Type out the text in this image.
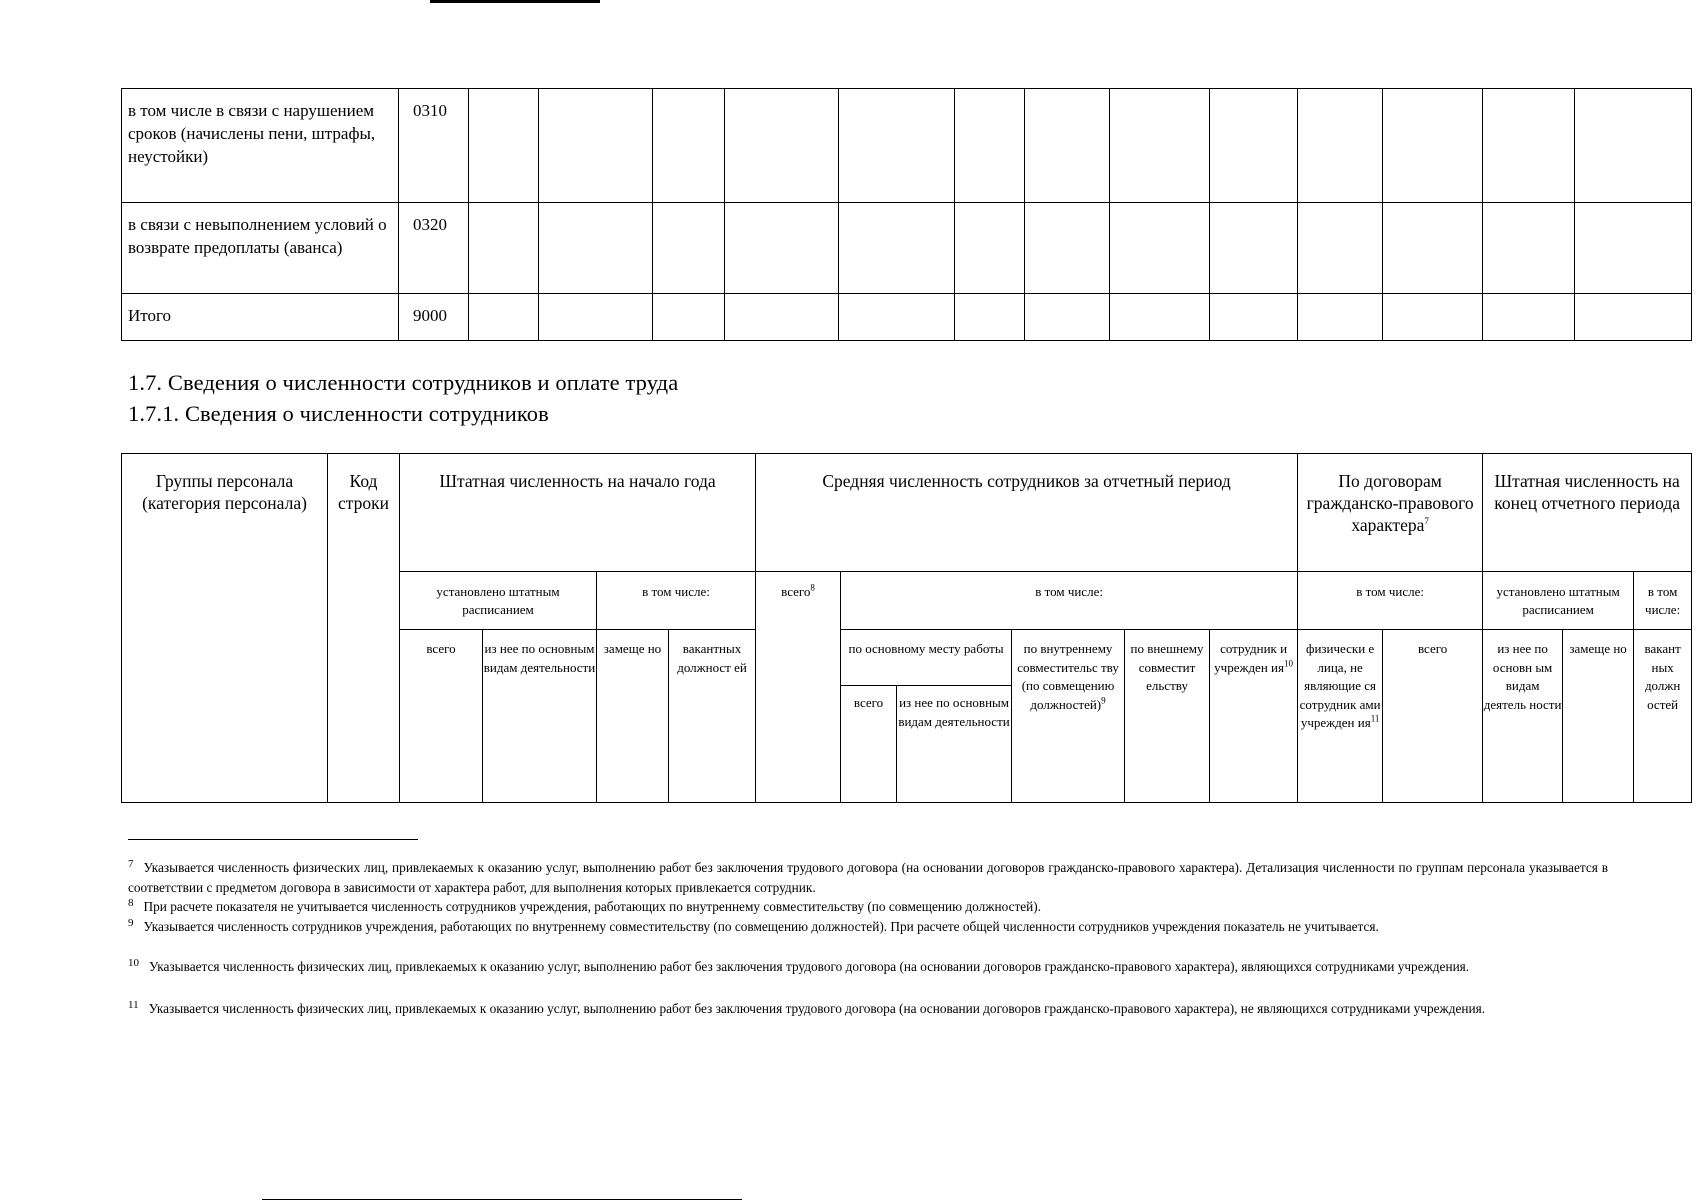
в том числе в связи с нарушением сроков (начислены пени, штрафы, неустойки)	0310													
в связи с невыполнением условий о возврате предоплаты (аванса)	0320													
Итого	9000													
1.7. Сведения о численности сотрудников и оплате труда
1.7.1. Сведения о численности сотрудников
Группы персонала (категория персонала)	Код строки	Штатная численность на начало года				Средняя численность сотрудников за отчетный период						По договорам гражданско-правового характера$^7$		Штатная численность на конец отчетного периода		
		установлено штатным расписанием		в том числе:		всего$^8$	в том числе:					в том числе:		установлено штатным расписанием		в том числе:
		всего	из нее по основным видам деятельности	замеще но	вакантных должност ей		по основному месту работы		по внутреннему совместительс тву (по совмещению должностей)$^9$	по внешнему совместит ельству	сотрудник и учрежден $ия^{10}$	физически е лица, не являющие ся сотрудник ами учрежден $ия^{11}$	всего	из нее по основн ым видам деятель ности	замеще но	вакант ных должн остей
							всего	из нее по основным видам деятельности								
$^7$ Указывается численность физических лиц, привлекаемых к оказанию услуг, выполнению работ без заключения трудового договора (на основании договоров гражданско-правового характера). Детализация численности по группам персонала указывается в соответствии с предметом договора в зависимости от характера работ, для выполнения которых привлекается сотрудник.
$^8$ При расчете показателя не учитывается численность сотрудников учреждения, работающих по внутреннему совместительству (по совмещению должностей).
$^9$ Указывается численность сотрудников учреждения, работающих по внутреннему совместительству (по совмещению должностей). При расчете общей численности сотрудников учреждения показатель не учитывается.
$^{10}$ Указывается численность физических лиц, привлекаемых к оказанию услуг, выполнению работ без заключения трудового договора (на основании договоров гражданско-правового характера), являющихся сотрудниками учреждения.
$^{11}$ Указывается численность физических лиц, привлекаемых к оказанию услуг, выполнению работ без заключения трудового договора (на основании договоров гражданско-правового характера), не являющихся сотрудниками учреждения.
